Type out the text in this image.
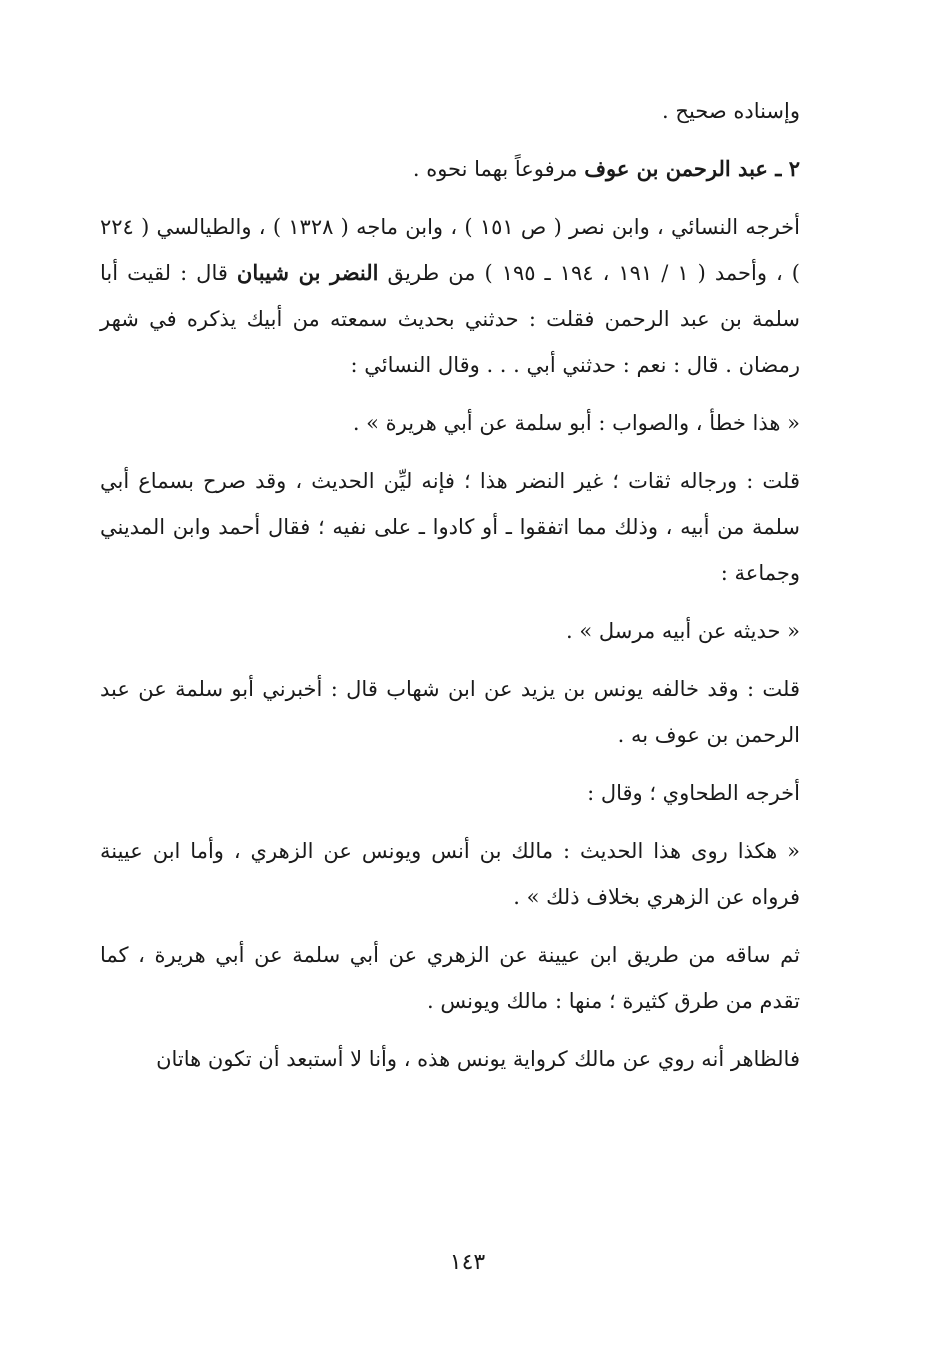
وإسناده صحيح .
٢ ـ عبد الرحمن بن عوف مرفوعاً بهما نحوه .
أخرجه النسائي ، وابن نصر ( ص ١٥١ ) ، وابن ماجه ( ١٣٢٨ ) ، والطيالسي ( ٢٢٤ ) ، وأحمد ( ١ / ١٩١ ، ١٩٤ ـ ١٩٥ ) من طريق النضر بن شيبان قال : لقيت أبا سلمة بن عبد الرحمن فقلت : حدثني بحديث سمعته من أبيك يذكره في شهر رمضان . قال : نعم : حدثني أبي . . . وقال النسائي :
« هذا خطأ ، والصواب : أبو سلمة عن أبي هريرة » .
قلت : ورجاله ثقات ؛ غير النضر هذا ؛ فإنه ليِّن الحديث ، وقد صرح بسماع أبي سلمة من أبيه ، وذلك مما اتفقوا ـ أو كادوا ـ على نفيه ؛ فقال أحمد وابن المديني وجماعة :
« حديثه عن أبيه مرسل » .
قلت : وقد خالفه يونس بن يزيد عن ابن شهاب قال : أخبرني أبو سلمة عن عبد الرحمن بن عوف به .
أخرجه الطحاوي ؛ وقال :
« هكذا روى هذا الحديث : مالك بن أنس ويونس عن الزهري ، وأما ابن عيينة فرواه عن الزهري بخلاف ذلك » .
ثم ساقه من طريق ابن عيينة عن الزهري عن أبي سلمة عن أبي هريرة ، كما تقدم من طرق كثيرة ؛ منها : مالك ويونس .
فالظاهر أنه روي عن مالك كرواية يونس هذه ، وأنا لا أستبعد أن تكون هاتان
١٤٣
